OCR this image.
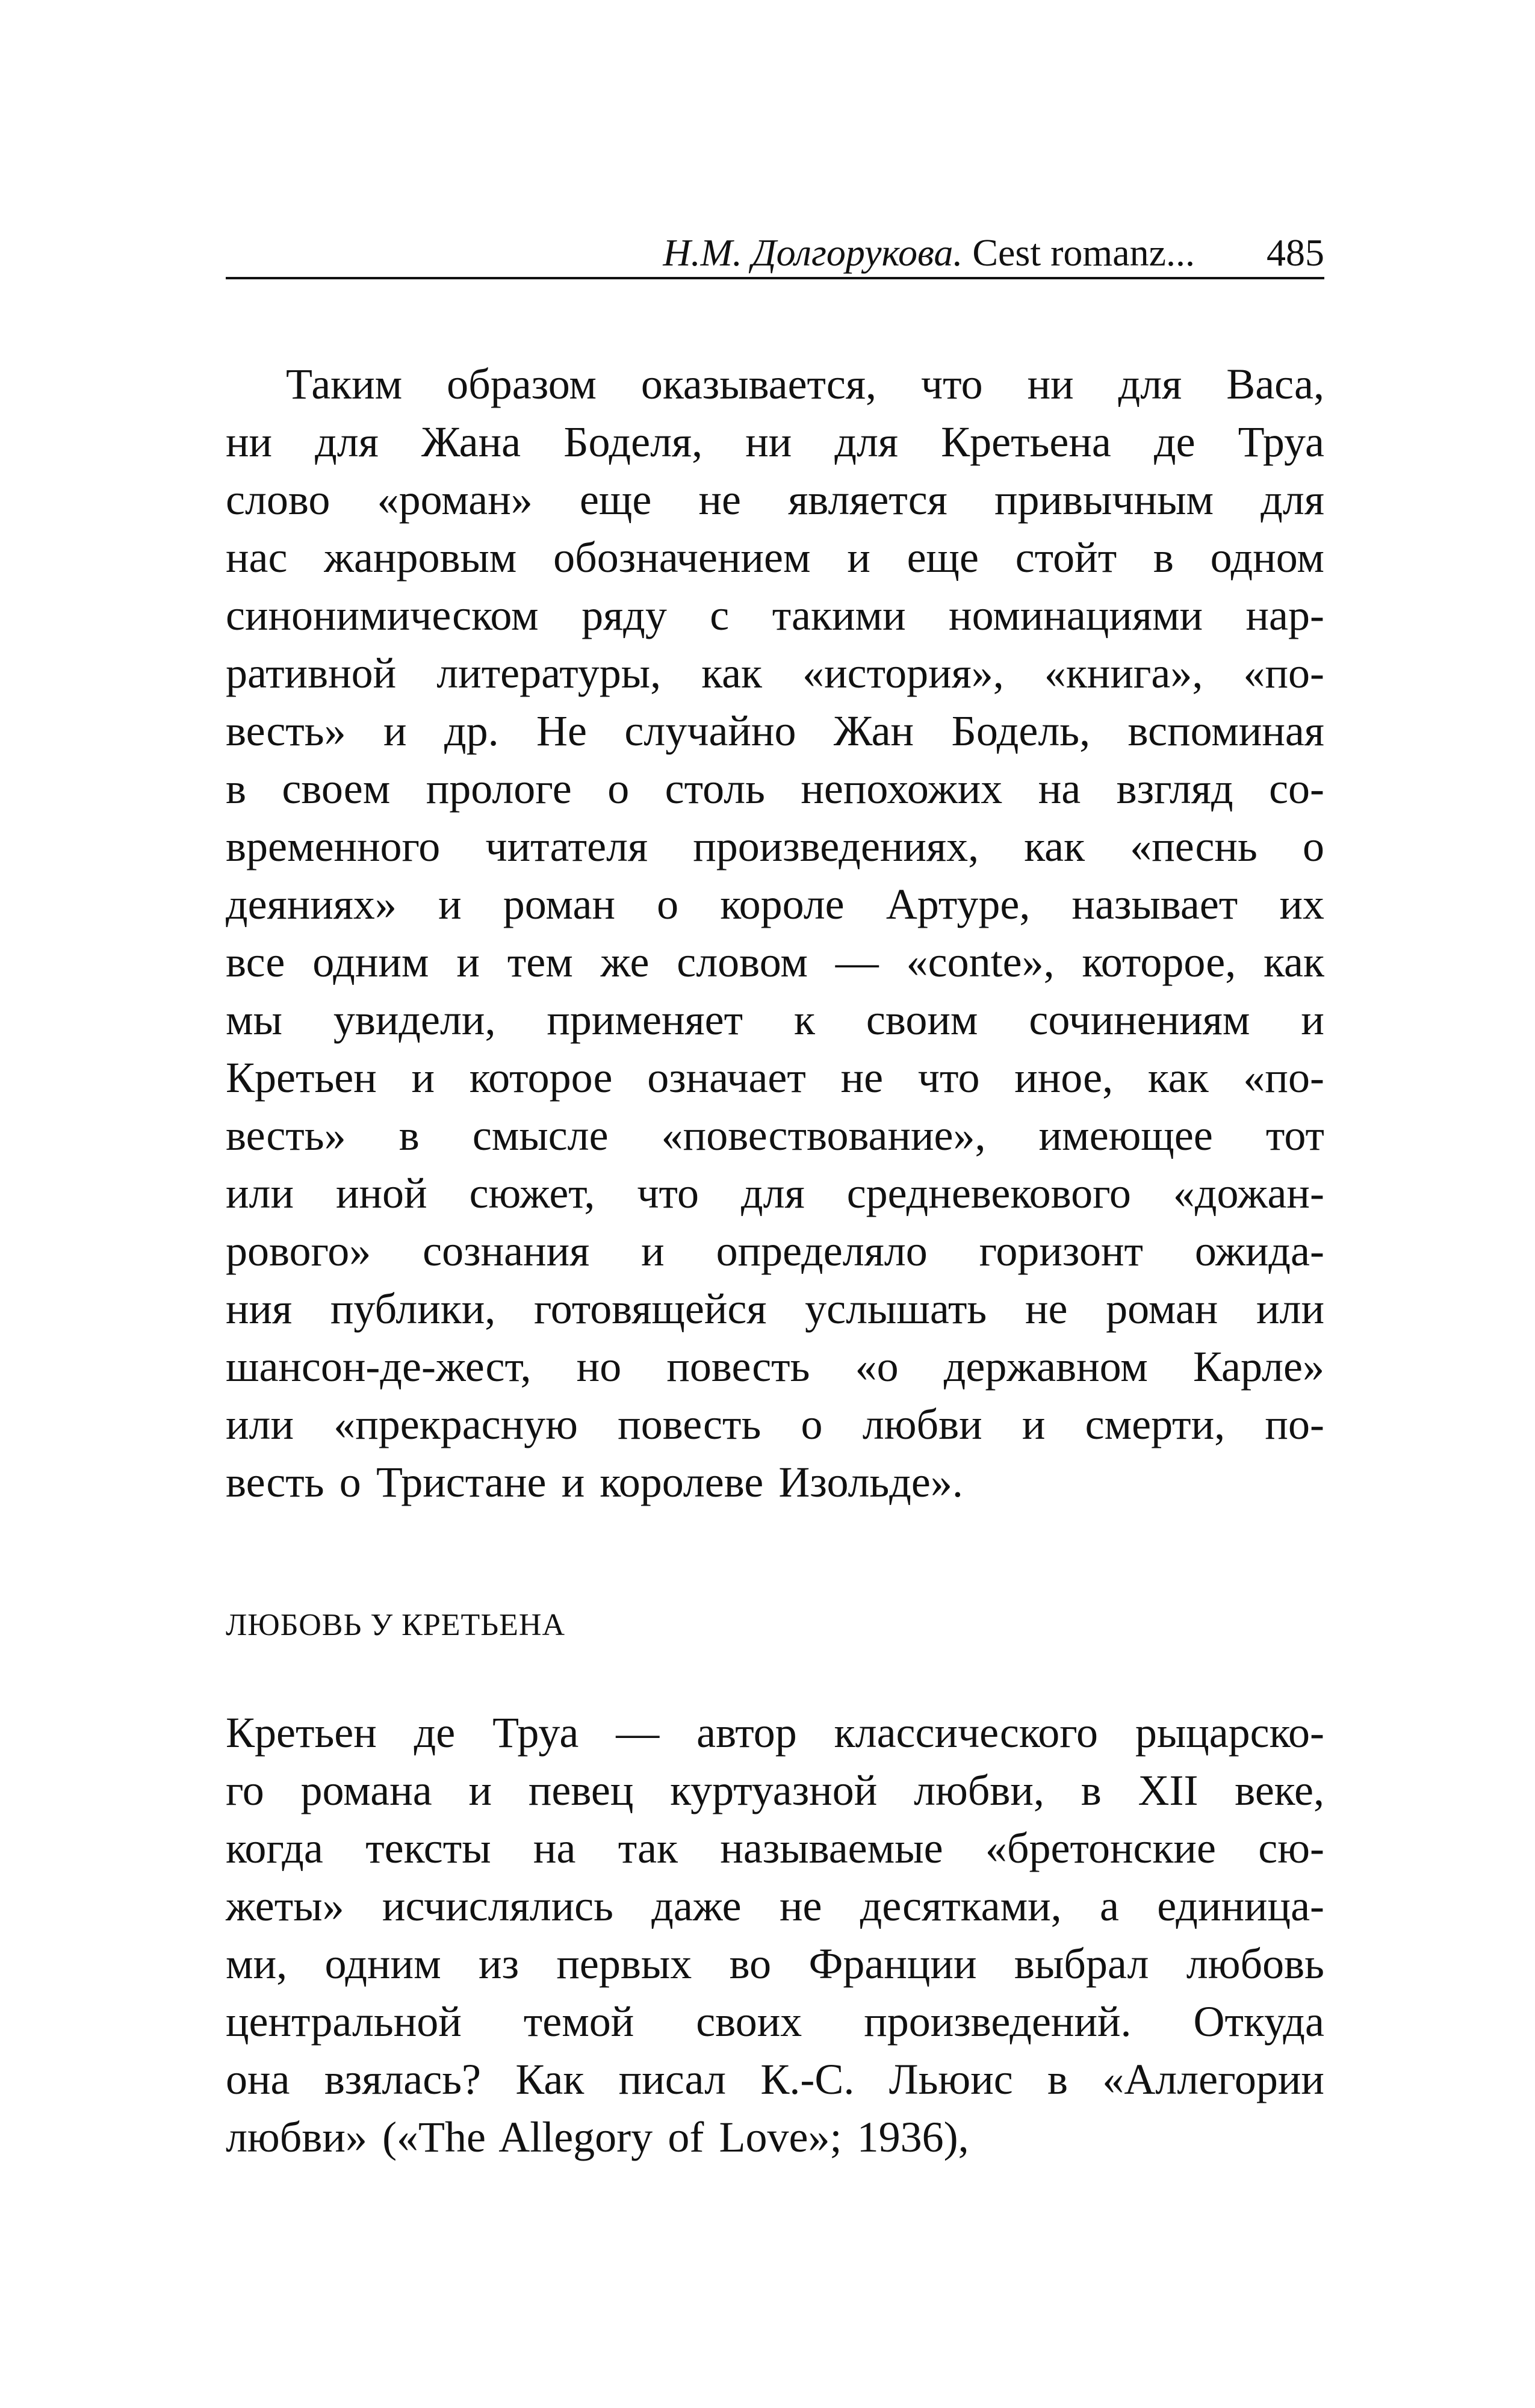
Н.М. Долгорукова. Cest romanz... 485
Таким образом оказывается, что ни для Васа,
ни для Жана Боделя, ни для Кретьена де Труа
слово «роман» еще не является привычным для
нас жанровым обозначением и еще стойт в одном
синонимическом ряду с такими номинациями нар-
ративной литературы, как «история», «книга», «по-
весть» и др. Не случайно Жан Бодель, вспоминая
в своем прологе о столь непохожих на взгляд со-
временного читателя произведениях, как «песнь о
деяниях» и роман о короле Артуре, называет их
все одним и тем же словом — «conte», которое, как
мы увидели, применяет к своим сочинениям и
Кретьен и которое означает не что иное, как «по-
весть» в смысле «повествование», имеющее тот
или иной сюжет, что для средневекового «дожан-
рового» сознания и определяло горизонт ожида-
ния публики, готовящейся услышать не роман или
шансон-де-жест, но повесть «о державном Карле»
или «прекрасную повесть о любви и смерти, по-
весть о Тристане и королеве Изольде».
ЛЮБОВЬ У КРЕТЬЕНА
Кретьен де Труа — автор классического рыцарско-
го романа и певец куртуазной любви, в XII веке,
когда тексты на так называемые «бретонские сю-
жеты» исчислялись даже не десятками, а единица-
ми, одним из первых во Франции выбрал любовь
центральной темой своих произведений. Откуда
она взялась? Как писал К.-С. Льюис в «Аллегории
любви» («The Allegory of Love»; 1936),
